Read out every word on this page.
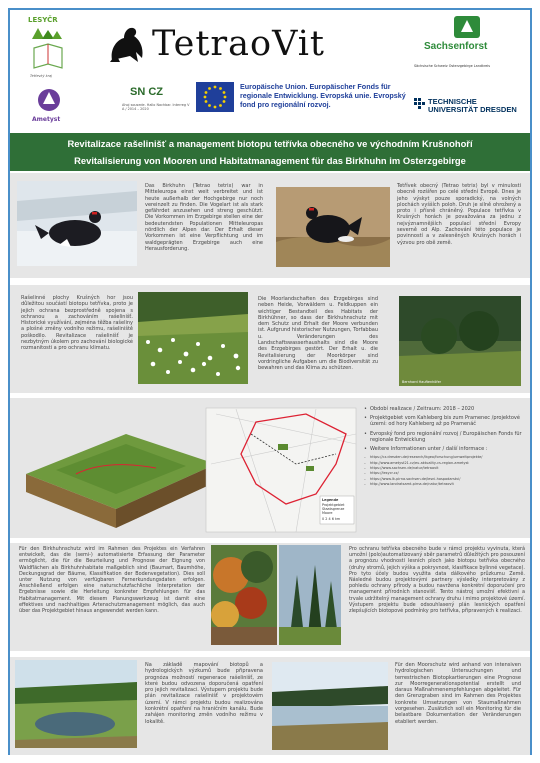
LESYČR
Tetřevký kraj
Ametyst
TetraoVit
SN CZ
Ahoj sousede. Hallo Nachbar. Interreg V A / 2014 – 2020
Europäische Union. Europäischer Fonds für regionale Entwicklung. Evropská unie. Evropský fond pro regionální rozvoj.
Sachsenforst
Sächsische Schweiz Osterzgebirge Landkreis
TECHNISCHE UNIVERSITÄT DRESDEN
Revitalizace rašelinišť a management biotopu tetřívka obecného ve východním Krušnohoří
Revitalisierung von Mooren und Habitatmanagement für das Birkhuhn im Osterzgebirge
Das Birkhuhn (Tetrao tetrix) war in Mitteleuropa einst weit verbreitet und ist heute außerhalb der Hochgebirge nur noch vereinzelt zu finden. Die Vogelart ist als stark gefährdet anzusehen und streng geschützt. Die Vorkommen im Erzgebirge stellen eine der bedeutendsten Populationen Mitteleuropas nördlich der Alpen dar. Der Erhalt dieser Vorkommen ist eine Verpflichtung und im waldgeprägten Erzgebirge auch eine Herausforderung.
Tetřívek obecný (Tetrao tetrix) byl v minulosti obecně rozšířen po celé střední Evropě. Dnes je jeho výskyt pouze sporadický, na volných plochách vyšších poloh. Druh je silně ohrožený a proto i přísně chráněný. Populace tetřívka v Krušných horách je považována za jednu z nejvýznamnějších populací střední Evropy severně od Alp. Zachování této populace je povinností a v zalesněných Krušných horách i výzvou pro obě země.
Rašelinné plochy Krušných hor jsou důležitou součástí biotopu tetřívka, proto je jejich ochrana bezprostředně spojena s ochranou a zachováním rašelinišť. Historické využívání, zejména těžba rašeliny a plošné změny vodního režimu, rašeliniště poškodilo. Revitalizace rašelinišť je nezbytným úkolem pro zachování biologické rozmanitosti a pro ochranu klimatu.
Die Moorlandschaften des Erzgebirges sind neben Heide, Vorwäldern u. Feldkuppen ein wichtiger Bestandteil des Habitats der Birkhühner, so dass der Birkhuhnschutz mit dem Schutz und Erhalt der Moore verbunden ist. Aufgrund historischer Nutzungen, Torfabbau u. Veränderungen des Landschaftswasserhaushalts sind die Moore des Erzgebirges gestört. Der Erhalt u. die Revitalisierung der Moorkörper sind vordringliche Aufgaben um die Biodiversität zu bewahren und das Klima zu schützen.
Bernhard Hauftenhöfer
Legende
Projektgebiet
Staatsgrenze
Moore
0 2 4 6 km
• Období realizace / Zeitraum: 2018 – 2020
• Projektgebiet vom Kahleberg bis zum Pramenec /projektové území: od hory Kahleberg až po Pramenáč
• Evropský fond pro regionální rozvoj / Europäischen Fonds für regionale Entwicklung
• Weitere Informationen unter / další informace :
– https://cz.dresden.de/research/lkgeo/forschung/umweltprojekte/
– http://www.ametyst21.cz/eu-aktuality-cs-region-ametyst
– https://www.sachsen.de/natur/tetraovit
– https://lesycr.cz/
– https://www.lk-pirna.sachsen.de/lesni-hospodarstvi/
– http://www.landratsamt-pirna.de/natur/tetraovit
Für den Birkhuhnschutz wird im Rahmen des Projektes ein Verfahren entwickelt, das die (semi-) automatisierte Erfassung der Parameter ermöglicht, die für die Beurteilung und Prognose der Eignung von Waldflächen als Birkhuhnhabitate maßgeblich sind (Baumart, Baumhöhe, Deckungsgrad der Bäume, Klassifikation der Bodenvegetation). Dies soll unter Nutzung von verfügbaren Fernerkundungsdaten erfolgen. Anschließend erfolgen eine naturschutzfachliche Interpretation der Ergebnisse sowie die Herleitung konkreter Empfehlungen für das Habitatmanagement. Mit diesem Planungswerkzeug ist damit eine effektives und nachhaltiges Artenschutzmanagement möglich, das auch über das Projektgebiet hinaus angewendet werden kann.
Pro ochranu tetřívka obecného bude v rámci projektu vyvinuta, která umožní (polo)automatizovaný sběr parametrů důležitých pro posouzení a prognózu vhodnosti lesních ploch jako biotopu tetřívka obecného (druhy stromů, jejich výška a pokryvnost, klasifikace bylinné vegetace). Pro tyto účely budou využita data dálkového průzkumu Země. Následné budou projektovými partnery výsledky interpretovány z pohledu ochrany přírody a budou navrženа konkrétní doporučení pro management přírodních stanovišť. Tento nástroj umožní efektivní a trvale udržitelný management ochrany druhu i mimo projektové území. Výstupem projektu bude odsouhlasený plán lesnických opatření zlepšujících biotopové podmínky pro tetřívka, připravených k realizaci.
Na základě mapování biotopů a hydrologických výzkumů bude připravena prognóza možností regenerace rašelinišť, ze které budou odvozena doporučená opatření pro jejich revitalizaci. Výstupem projektu bude plán revitalizace rašelinišť v projektovém území. V rámci projektu budou realizována konkrétní opatření na hraničním kanálu. Bude zahájen monitoring změn vodního režimu v lokalitě.
Für den Moorschutz wird anhand von intensiven hydrologischen Untersuchungen und terrestrischen Biotopkartierungen eine Prognose zur Moorregenerationspotential erstellt und daraus Maßnahmenempfehlungen abgeleitet. Für den Grenzgraben sind im Rahmen des Projektes konkrete Umsetzungen von Staumaßnahmen vorgesehen. Zusätzlich soll ein Monitoring für die belastbare Dokumentation der Veränderungen etabliert werden.
